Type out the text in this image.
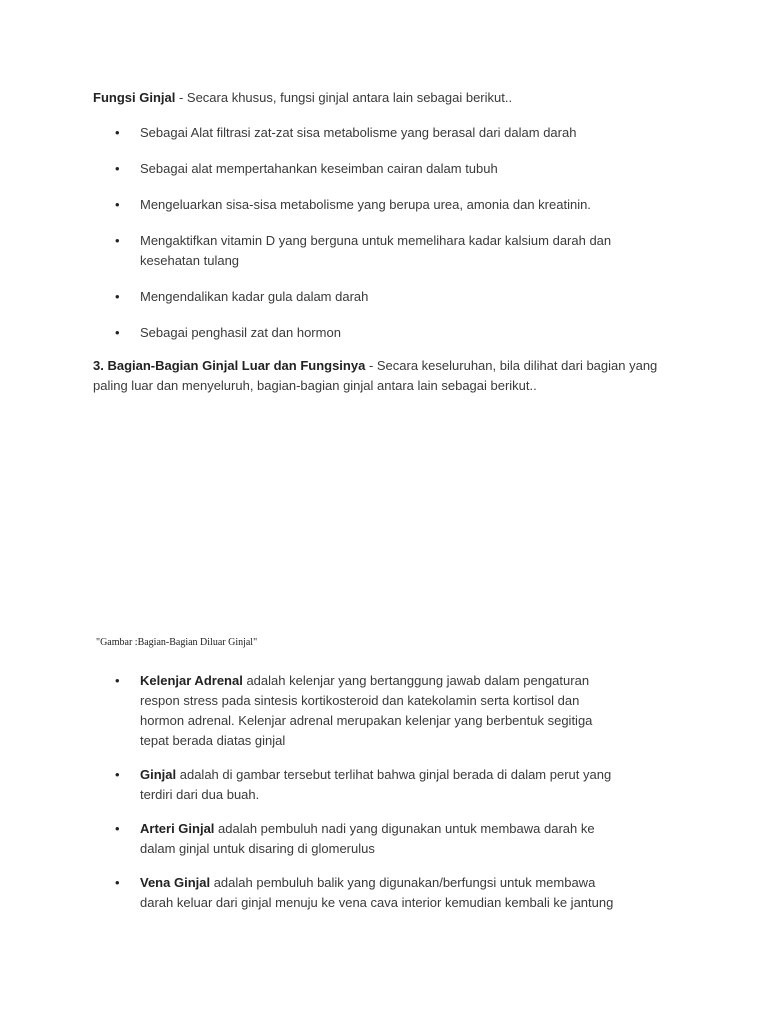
Fungsi Ginjal - Secara khusus, fungsi ginjal antara lain sebagai berikut..

• Sebagai Alat filtrasi zat-zat sisa metabolisme yang berasal dari dalam darah
• Sebagai alat mempertahankan keseimban cairan dalam tubuh
• Mengeluarkan sisa-sisa metabolisme yang berupa urea, amonia dan kreatinin.
• Mengaktifkan vitamin D yang berguna untuk memelihara kadar kalsium darah dan kesehatan tulang
• Mengendalikan kadar gula dalam darah
• Sebagai penghasil zat dan hormon

3. Bagian-Bagian Ginjal Luar dan Fungsinya - Secara keseluruhan, bila dilihat dari bagian yang paling luar dan menyeluruh, bagian-bagian ginjal antara lain sebagai berikut..

"Gambar :Bagian-Bagian Diluar Ginjal"

• Kelenjar Adrenal adalah kelenjar yang bertanggung jawab dalam pengaturan respon stress pada sintesis kortikosteroid dan katekolamin serta kortisol dan hormon adrenal. Kelenjar adrenal merupakan kelenjar yang berbentuk segitiga tepat berada diatas ginjal
• Ginjal adalah di gambar tersebut terlihat bahwa ginjal berada di dalam perut yang terdiri dari dua buah.
• Arteri Ginjal adalah pembuluh nadi yang digunakan untuk membawa darah ke dalam ginjal untuk disaring di glomerulus
• Vena Ginjal adalah pembuluh balik yang digunakan/berfungsi untuk membawa darah keluar dari ginjal menuju ke vena cava interior kemudian kembali ke jantung
